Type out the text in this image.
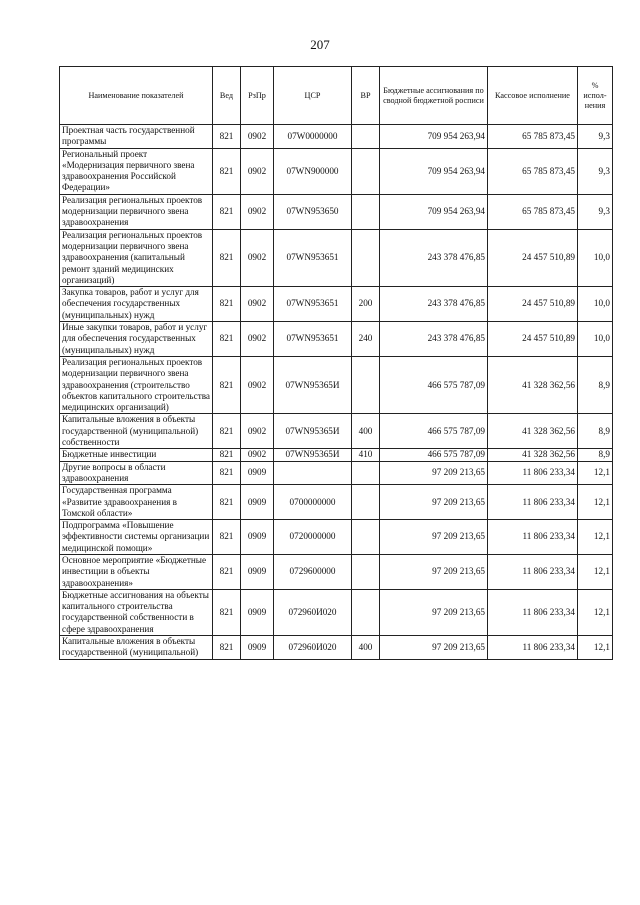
207
Наименование показателей	Вед	РзПр	ЦСР	ВР	Бюджетные ассигнования по сводной бюджетной росписи	Кассовое исполнение	% испол-нения
Проектная часть государственной программы	821	0902	07W0000000		709 954 263,94	65 785 873,45	9,3
Региональный проект «Модернизация первичного звена здравоохранения Российской Федерации»	821	0902	07WN900000		709 954 263,94	65 785 873,45	9,3
Реализация региональных проектов модернизации первичного звена здравоохранения	821	0902	07WN953650		709 954 263,94	65 785 873,45	9,3
Реализация региональных проектов модернизации первичного звена здравоохранения (капитальный ремонт зданий медицинских организаций)	821	0902	07WN953651		243 378 476,85	24 457 510,89	10,0
Закупка товаров, работ и услуг для обеспечения государственных (муниципальных) нужд	821	0902	07WN953651	200	243 378 476,85	24 457 510,89	10,0
Иные закупки товаров, работ и услуг для обеспечения государственных (муниципальных) нужд	821	0902	07WN953651	240	243 378 476,85	24 457 510,89	10,0
Реализация региональных проектов модернизации первичного звена здравоохранения (строительство объектов капитального строительства медицинских организаций)	821	0902	07WN95365И		466 575 787,09	41 328 362,56	8,9
Капитальные вложения в объекты государственной (муниципальной) собственности	821	0902	07WN95365И	400	466 575 787,09	41 328 362,56	8,9
Бюджетные инвестиции	821	0902	07WN95365И	410	466 575 787,09	41 328 362,56	8,9
Другие вопросы в области здравоохранения	821	0909			97 209 213,65	11 806 233,34	12,1
Государственная программа «Развитие здравоохранения в Томской области»	821	0909	0700000000		97 209 213,65	11 806 233,34	12,1
Подпрограмма «Повышение эффективности системы организации медицинской помощи»	821	0909	0720000000		97 209 213,65	11 806 233,34	12,1
Основное мероприятие «Бюджетные инвестиции в объекты здравоохранения»	821	0909	0729600000		97 209 213,65	11 806 233,34	12,1
Бюджетные ассигнования на объекты капитального строительства государственной собственности в сфере здравоохранения	821	0909	072960И020		97 209 213,65	11 806 233,34	12,1
Капитальные вложения в объекты государственной (муниципальной)	821	0909	072960И020	400	97 209 213,65	11 806 233,34	12,1
